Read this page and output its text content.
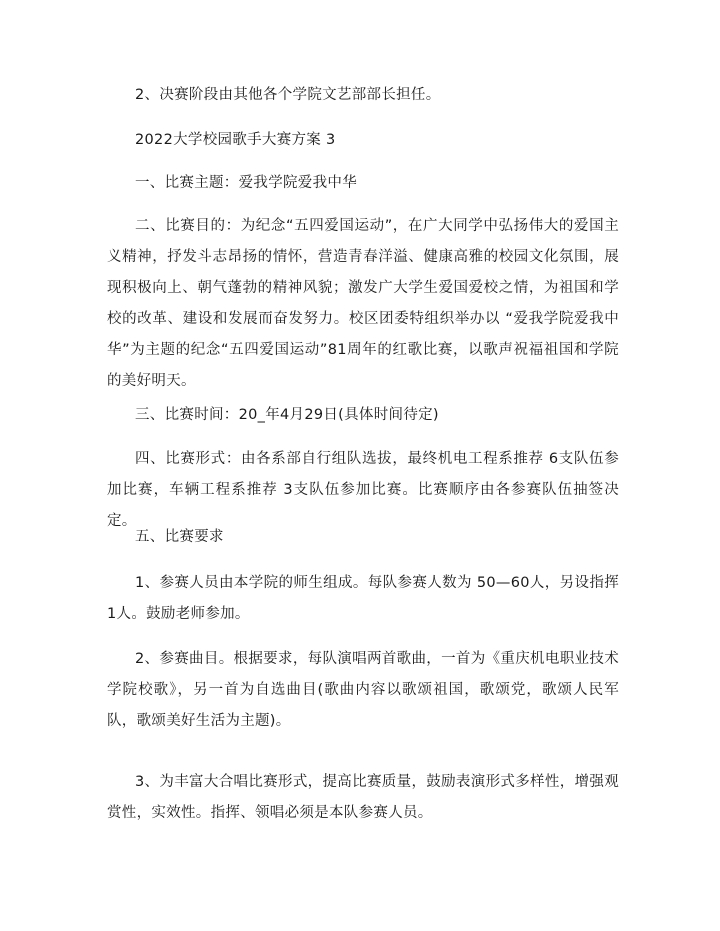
2、决赛阶段由其他各个学院文艺部部长担任。

2022大学校园歌手大赛方案 3

一、比赛主题：爱我学院爱我中华

二、比赛目的：为纪念“五四爱国运动”，在广大同学中弘扬伟大的爱国主义精神，抒发斗志昂扬的情怀，营造青春洋溢、健康高雅的校园文化氛围，展现积极向上、朝气蓬勃的精神风貌；激发广大学生爱国爱校之情，为祖国和学校的改革、建设和发展而奋发努力。校区团委特组织举办以 “爱我学院爱我中华”为主题的纪念“五四爱国运动”81周年的红歌比赛，以歌声祝福祖国和学院的美好明天。

三、比赛时间：20_年4月29日(具体时间待定)

四、比赛形式：由各系部自行组队选拔，最终机电工程系推荐 6支队伍参加比赛，车辆工程系推荐 3支队伍参加比赛。比赛顺序由各参赛队伍抽签决定。

五、比赛要求

1、参赛人员由本学院的师生组成。每队参赛人数为 50—60人，另设指挥 1人。鼓励老师参加。

2、参赛曲目。根据要求，每队演唱两首歌曲，一首为《重庆机电职业技术学院校歌》，另一首为自选曲目(歌曲内容以歌颂祖国，歌颂党，歌颂人民军队，歌颂美好生活为主题)。

3、为丰富大合唱比赛形式，提高比赛质量，鼓励表演形式多样性，增强观赏性，实效性。指挥、领唱必须是本队参赛人员。
